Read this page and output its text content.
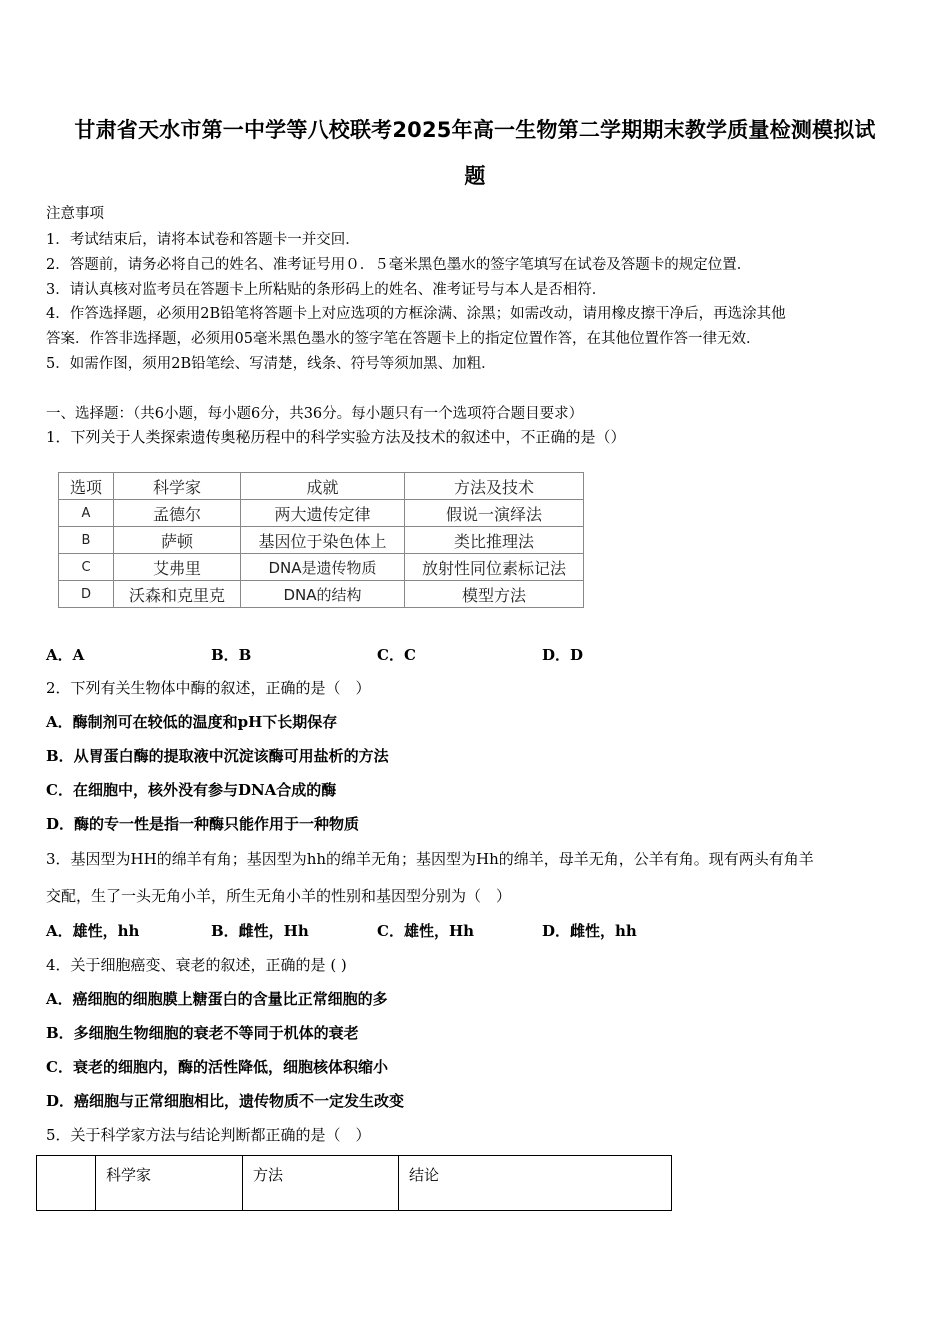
甘肃省天水市第一中学等八校联考2025年高一生物第二学期期末教学质量检测模拟试
题
注意事项
1．考试结束后，请将本试卷和答题卡一并交回．
2．答题前，请务必将自己的姓名、准考证号用０．５毫米黑色墨水的签字笔填写在试卷及答题卡的规定位置．
3．请认真核对监考员在答题卡上所粘贴的条形码上的姓名、准考证号与本人是否相符．
4．作答选择题，必须用2B铅笔将答题卡上对应选项的方框涂满、涂黑；如需改动，请用橡皮擦干净后，再选涂其他
答案．作答非选择题，必须用05毫米黑色墨水的签字笔在答题卡上的指定位置作答，在其他位置作答一律无效．
5．如需作图，须用2B铅笔绘、写清楚，线条、符号等须加黑、加粗．
一、选择题：（共6小题，每小题6分，共36分。每小题只有一个选项符合题目要求）
1．下列关于人类探索遗传奥秘历程中的科学实验方法及技术的叙述中，不正确的是（）
选项	科学家	成就	方法及技术
A	孟德尔	两大遗传定律	假说一演绎法
B	萨顿	基因位于染色体上	类比推理法
C	艾弗里	DNA是遗传物质	放射性同位素标记法
D	沃森和克里克	DNA的结构	模型方法
A．A	B．B	C．C	D．D
2．下列有关生物体中酶的叙述，正确的是（　）
A．酶制剂可在较低的温度和pH下长期保存
B．从胃蛋白酶的提取液中沉淀该酶可用盐析的方法
C．在细胞中，核外没有参与DNA合成的酶
D．酶的专一性是指一种酶只能作用于一种物质
3．基因型为HH的绵羊有角；基因型为hh的绵羊无角；基因型为Hh的绵羊，母羊无角，公羊有角。现有两头有角羊
交配，生了一头无角小羊，所生无角小羊的性别和基因型分别为（　）
A．雄性，hh	B．雌性，Hh	C．雄性，Hh	D．雌性，hh
4．关于细胞癌变、衰老的叙述，正确的是 ( )
A．癌细胞的细胞膜上糖蛋白的含量比正常细胞的多
B．多细胞生物细胞的衰老不等同于机体的衰老
C．衰老的细胞内，酶的活性降低，细胞核体积缩小
D．癌细胞与正常细胞相比，遗传物质不一定发生改变
5．关于科学家方法与结论判断都正确的是（　）
	科学家	方法	结论
